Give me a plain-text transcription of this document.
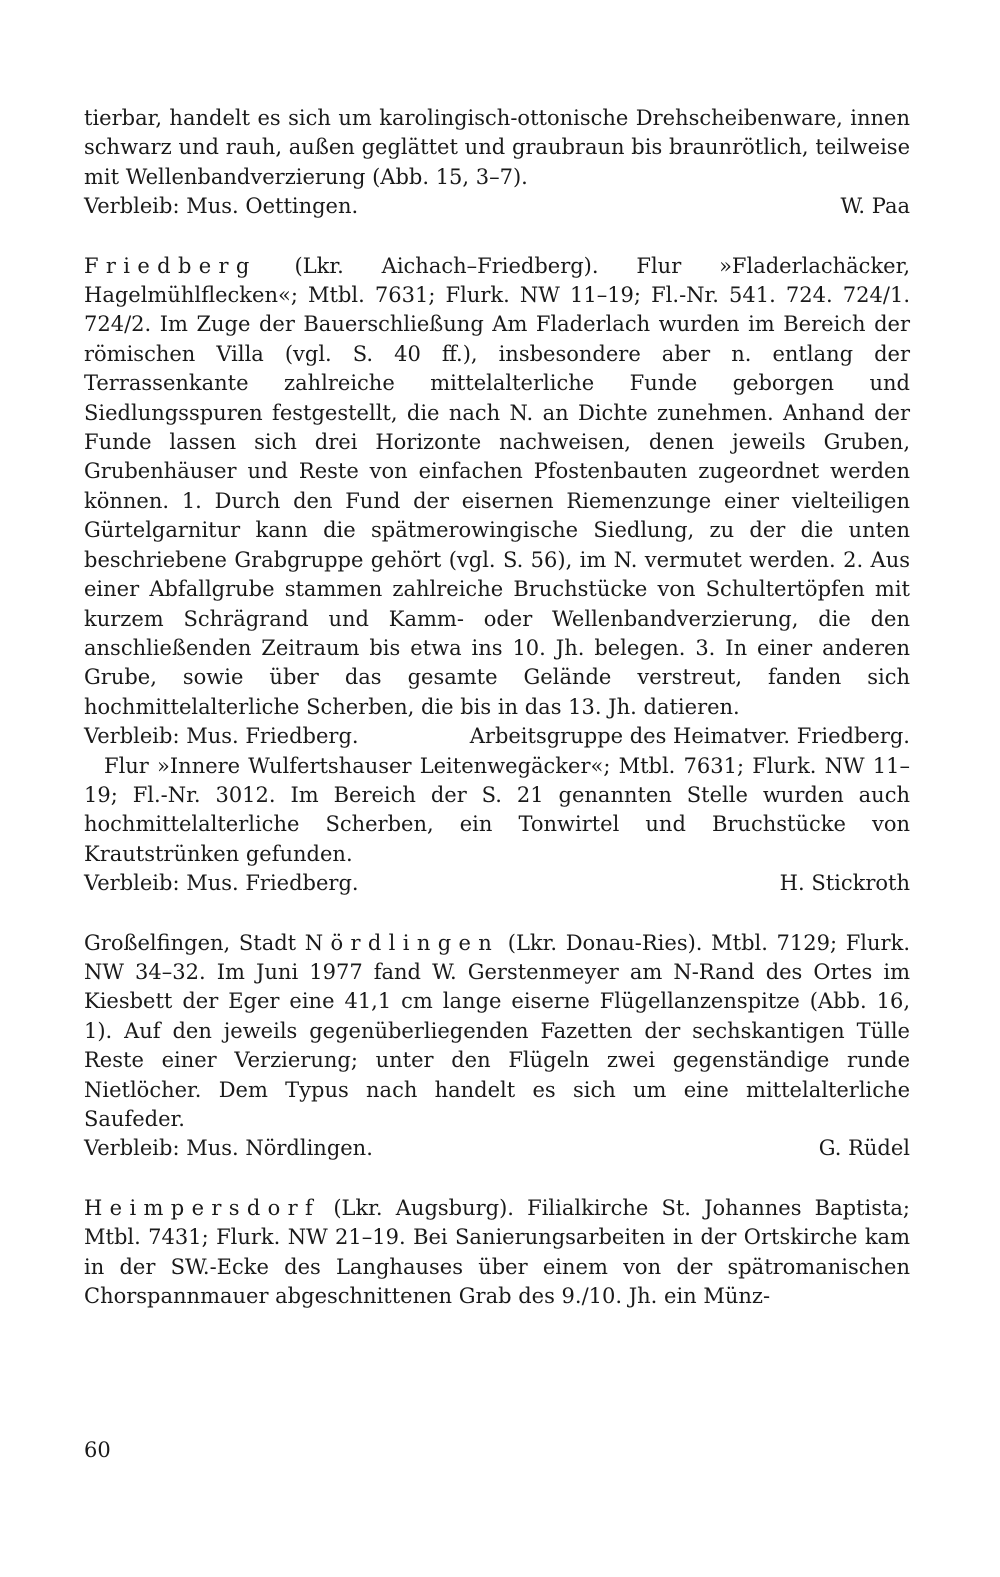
tierbar, handelt es sich um karolingisch-ottonische Drehscheibenware, innen schwarz und rauh, außen geglättet und graubraun bis braunrötlich, teilweise mit Wellenbandverzierung (Abb. 15, 3–7).

Verbleib: Mus. Oettingen.	W. Paa

Friedberg (Lkr. Aichach–Friedberg). Flur »Fladerlachäcker, Hagelmühlflecken«; Mtbl. 7631; Flurk. NW 11–19; Fl.-Nr. 541. 724. 724/1. 724/2. Im Zuge der Bauerschließung Am Fladerlach wurden im Bereich der römischen Villa (vgl. S. 40 ff.), insbesondere aber n. entlang der Terrassenkante zahlreiche mittelalterliche Funde geborgen und Siedlungsspuren festgestellt, die nach N. an Dichte zunehmen. Anhand der Funde lassen sich drei Horizonte nachweisen, denen jeweils Gruben, Grubenhäuser und Reste von einfachen Pfostenbauten zugeordnet werden können. 1. Durch den Fund der eisernen Riemenzunge einer vielteiligen Gürtelgarnitur kann die spätmerowingische Siedlung, zu der die unten beschriebene Grabgruppe gehört (vgl. S. 56), im N. vermutet werden. 2. Aus einer Abfallgrube stammen zahlreiche Bruchstücke von Schultertöpfen mit kurzem Schrägrand und Kamm- oder Wellenbandverzierung, die den anschließenden Zeitraum bis etwa ins 10. Jh. belegen. 3. In einer anderen Grube, sowie über das gesamte Gelände verstreut, fanden sich hochmittelalterliche Scherben, die bis in das 13. Jh. datieren.

Verbleib: Mus. Friedberg.	Arbeitsgruppe des Heimatver. Friedberg.

Flur »Innere Wulfertshauser Leitenwegäcker«; Mtbl. 7631; Flurk. NW 11–19; Fl.-Nr. 3012. Im Bereich der S. 21 genannten Stelle wurden auch hochmittelalterliche Scherben, ein Tonwirtel und Bruchstücke von Krautstrünken gefunden.

Verbleib: Mus. Friedberg.	H. Stickroth

Großelfingen, Stadt Nördlingen (Lkr. Donau-Ries). Mtbl. 7129; Flurk. NW 34–32. Im Juni 1977 fand W. Gerstenmeyer am N-Rand des Ortes im Kiesbett der Eger eine 41,1 cm lange eiserne Flügellanzenspitze (Abb. 16, 1). Auf den jeweils gegenüberliegenden Fazetten der sechskantigen Tülle Reste einer Verzierung; unter den Flügeln zwei gegenständige runde Nietlöcher. Dem Typus nach handelt es sich um eine mittelalterliche Saufeder.

Verbleib: Mus. Nördlingen.	G. Rüdel

Heimpersdorf (Lkr. Augsburg). Filialkirche St. Johannes Baptista; Mtbl. 7431; Flurk. NW 21–19. Bei Sanierungsarbeiten in der Ortskirche kam in der SW.-Ecke des Langhauses über einem von der spätromanischen Chorspannmauer abgeschnittenen Grab des 9./10. Jh. ein Münz-

60
